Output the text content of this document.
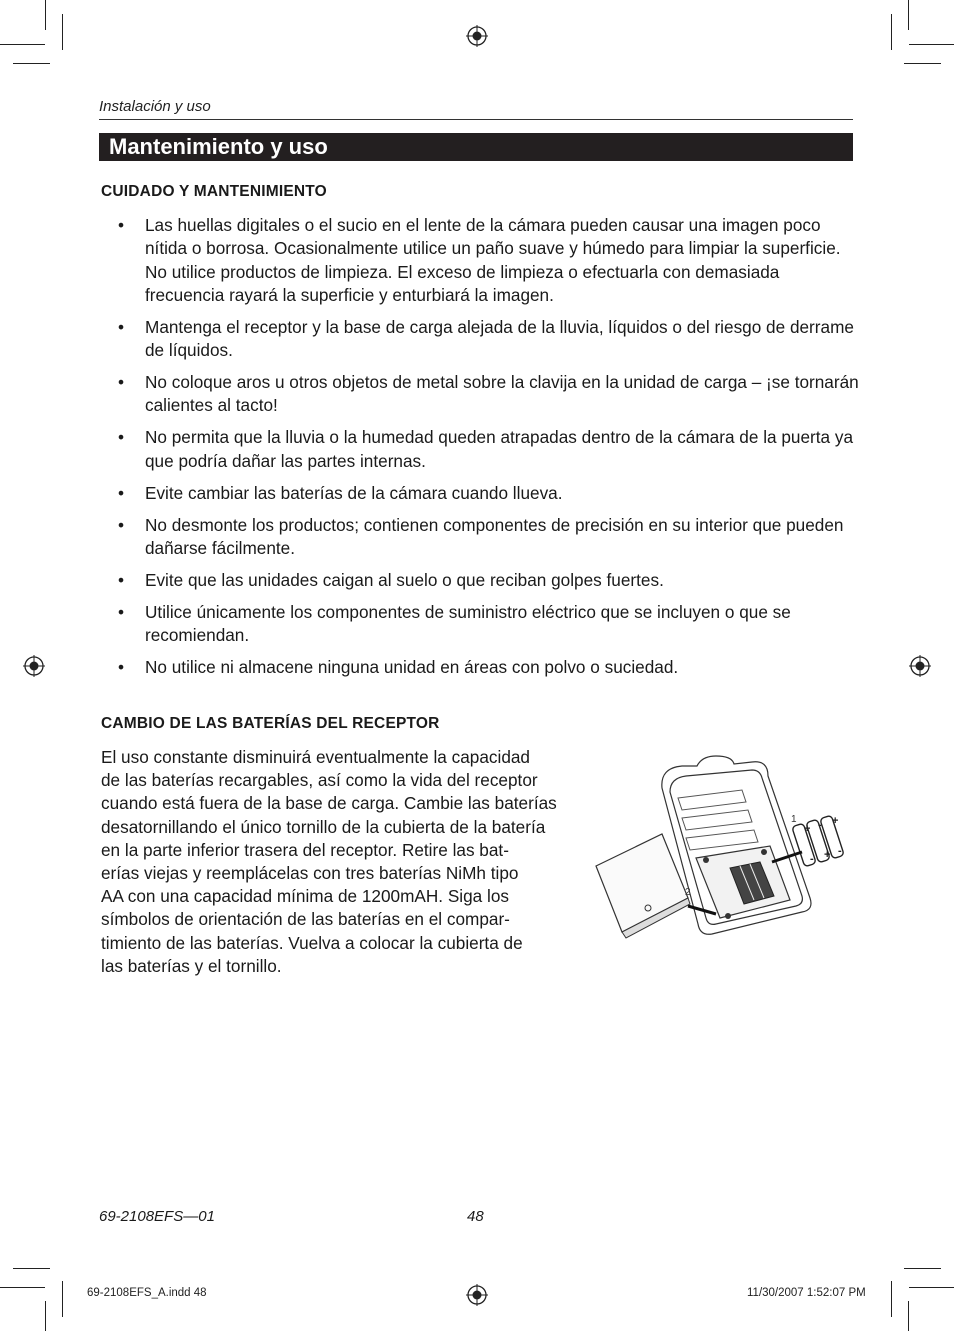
Instalación y uso
Mantenimiento y uso
CUIDADO Y MANTENIMIENTO
• Las huellas digitales o el sucio en el lente de la cámara pueden causar una imagen poco nítida o borrosa. Ocasionalmente utilice un paño suave y húmedo para limpiar la superficie. No utilice productos de limpieza. El exceso de limpieza o efectuarla con demasiada frecuencia rayará la superficie y enturbiará la imagen.
• Mantenga el receptor y la base de carga alejada de la lluvia, líquidos o del riesgo de derrame de líquidos.
• No coloque aros u otros objetos de metal sobre la clavija en la unidad de carga – ¡se tornarán calientes al tacto!
• No permita que la lluvia o la humedad queden atrapadas dentro de la cámara de la puerta ya que podría dañar las partes internas.
• Evite cambiar las baterías de la cámara cuando llueva.
• No desmonte los productos; contienen componentes de precisión en su interior que pueden dañarse fácilmente.
• Evite que las unidades caigan al suelo o que reciban golpes fuertes.
• Utilice únicamente los componentes de suministro eléctrico que se incluyen o que se recomiendan.
• No utilice ni almacene ninguna unidad en áreas con polvo o suciedad.
CAMBIO DE LAS BATERÍAS DEL RECEPTOR
El uso constante disminuirá eventualmente la capacidad
de las baterías recargables, así como la vida del receptor
cuando está fuera de la base de carga. Cambie las baterías
desatornillando el único tornillo de la cubierta de la batería
en la parte inferior trasera del receptor. Retire las bat-
erías viejas y reemplácelas con tres baterías NiMh tipo
AA con una capacidad mínima de 1200mAH. Siga los
símbolos de orientación de las baterías en el compar-
timiento de las baterías. Vuelva a colocar la cubierta de
las baterías y el tornillo.
+ - +
- + -
1
2
69-2108EFS—01	48
69-2108EFS_A.indd 48	11/30/2007 1:52:07 PM
